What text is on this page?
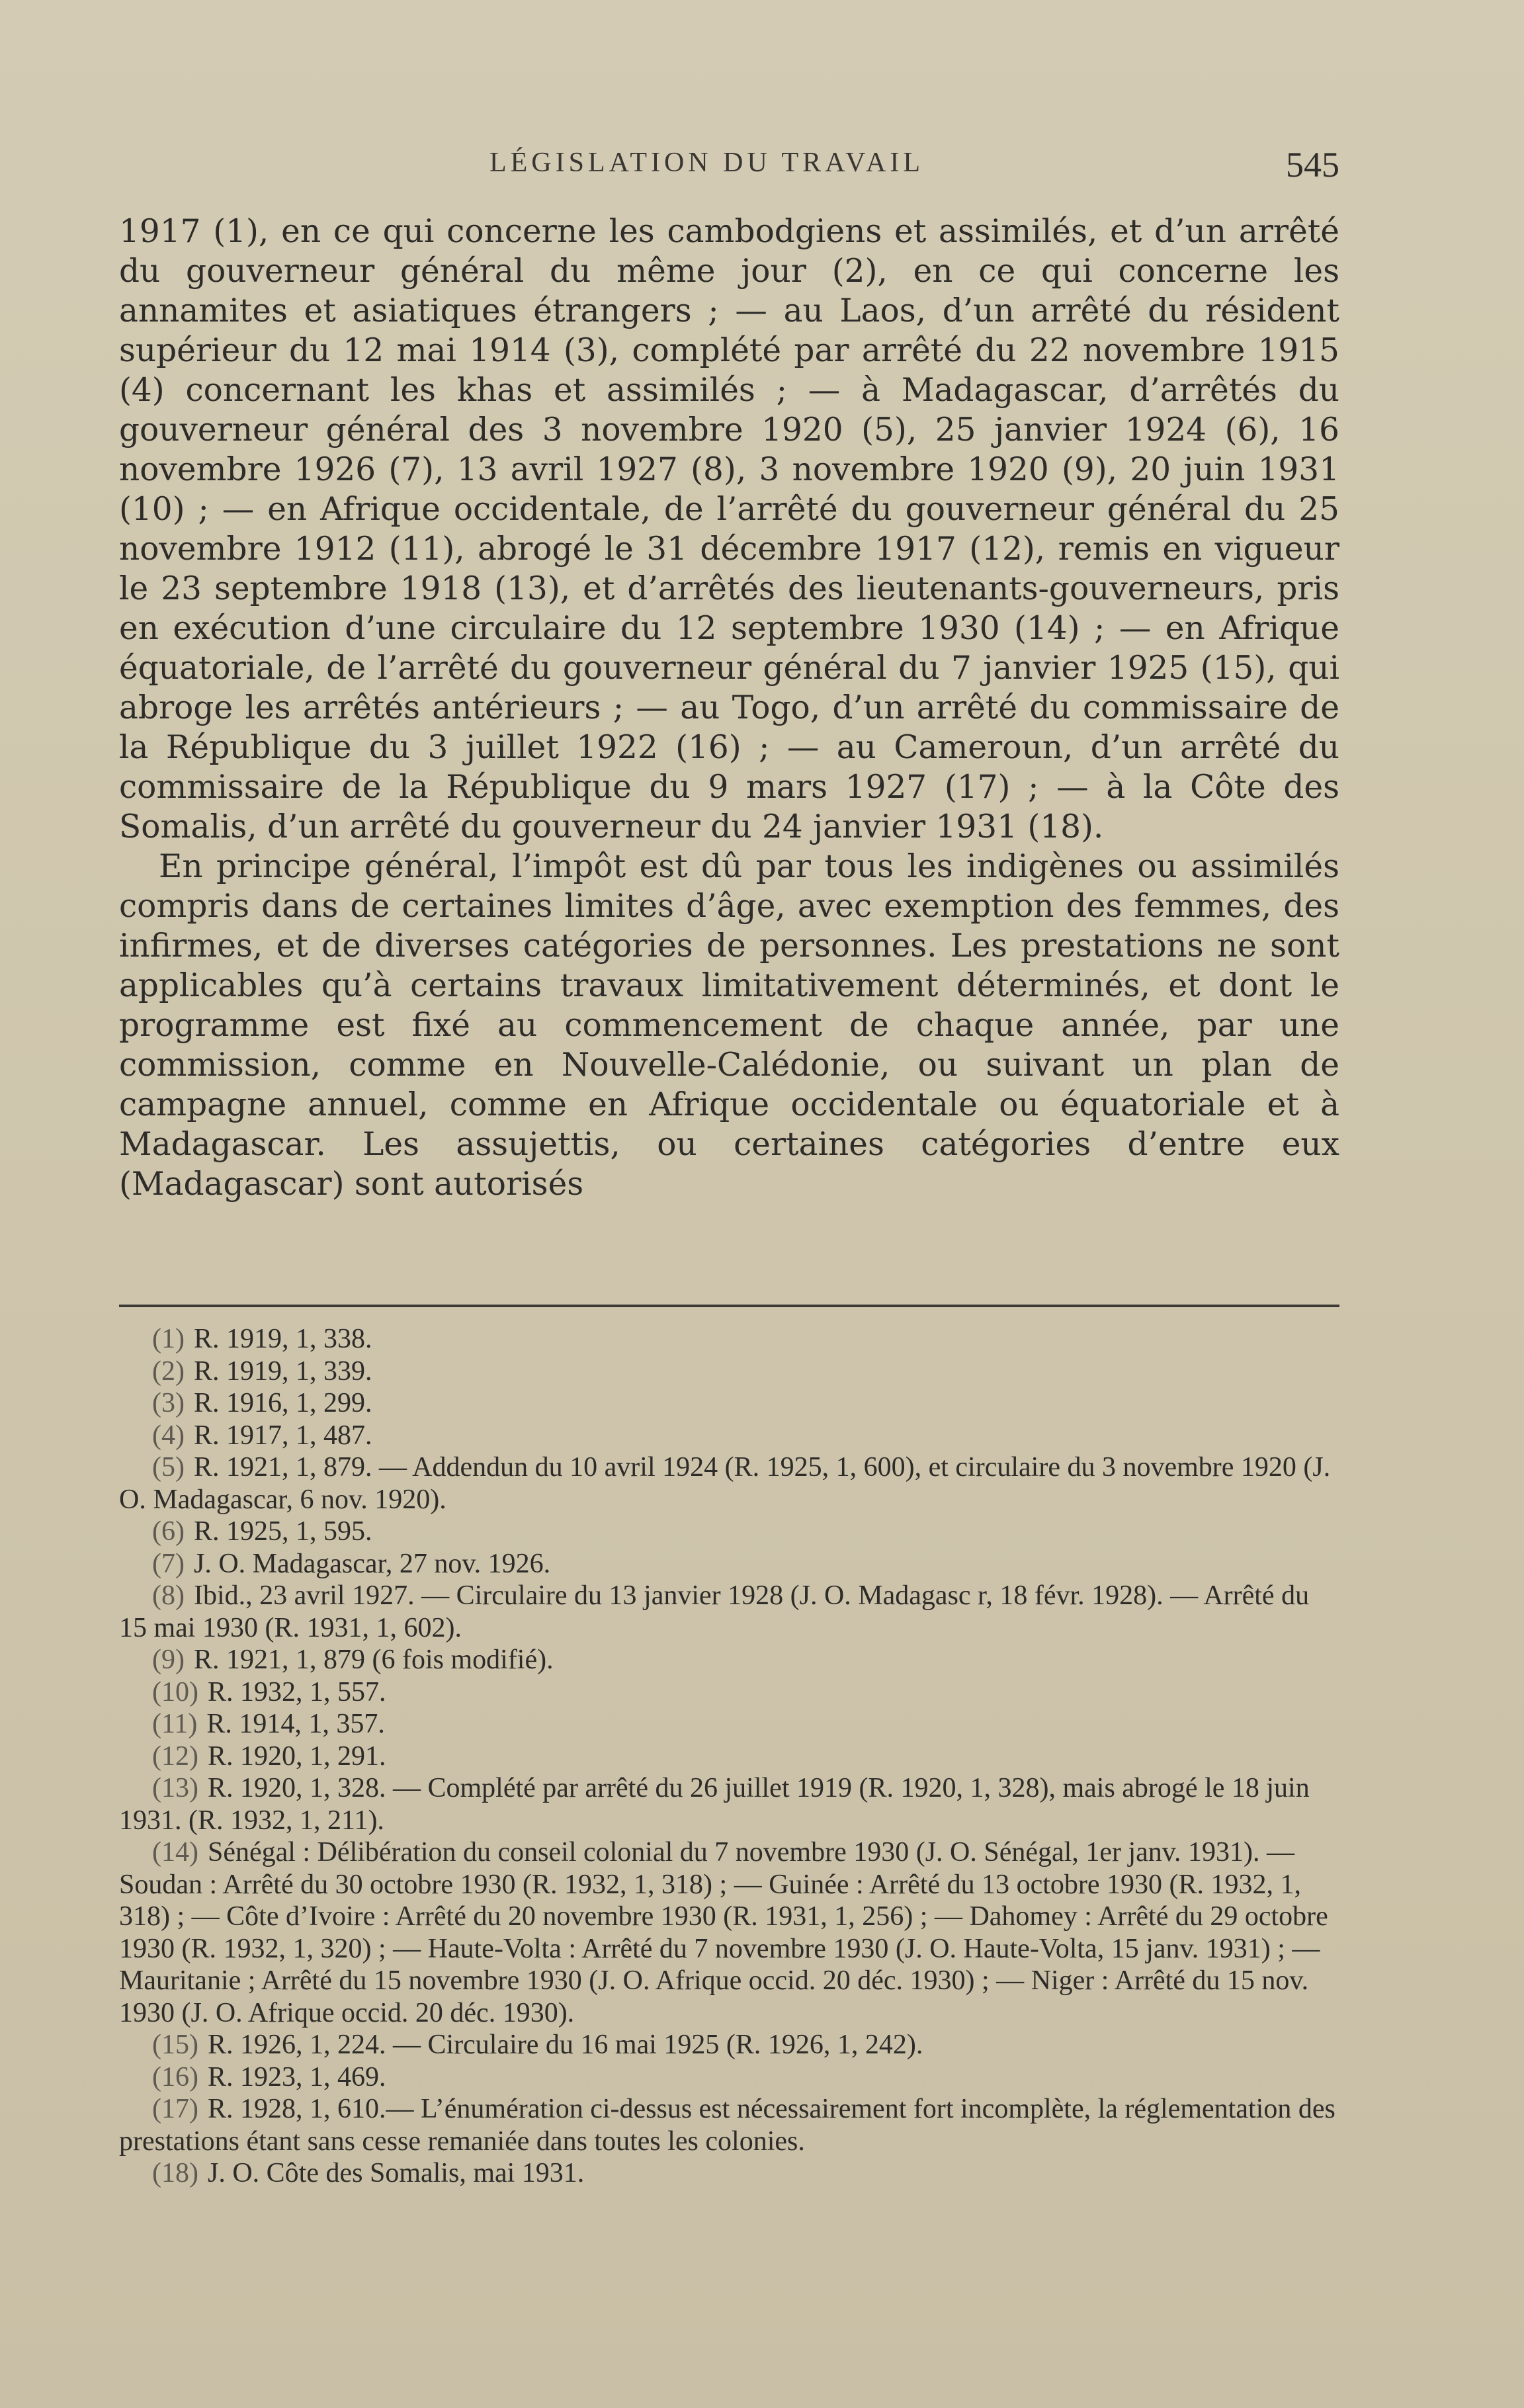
LÉGISLATION DU TRAVAIL	545

1917 (1), en ce qui concerne les cambodgiens et assimilés, et d’un arrêté du gouverneur général du même jour (2), en ce qui concerne les annamites et asiatiques étrangers ; — au Laos, d’un arrêté du résident supérieur du 12 mai 1914 (3), complété par arrêté du 22 novembre 1915 (4) concernant les khas et assimilés ; — à Madagascar, d’arrêtés du gouverneur général des 3 novembre 1920 (5), 25 janvier 1924 (6), 16 novembre 1926 (7), 13 avril 1927 (8), 3 novembre 1920 (9), 20 juin 1931 (10) ; — en Afrique occidentale, de l’arrêté du gouverneur général du 25 novembre 1912 (11), abrogé le 31 décembre 1917 (12), remis en vigueur le 23 septembre 1918 (13), et d’arrêtés des lieutenants-gouverneurs, pris en exécution d’une circulaire du 12 septembre 1930 (14) ; — en Afrique équatoriale, de l’arrêté du gouverneur général du 7 janvier 1925 (15), qui abroge les arrêtés antérieurs ; — au Togo, d’un arrêté du commissaire de la République du 3 juillet 1922 (16) ; — au Cameroun, d’un arrêté du commissaire de la République du 9 mars 1927 (17) ; — à la Côte des Somalis, d’un arrêté du gouverneur du 24 janvier 1931 (18).

En principe général, l’impôt est dû par tous les indigènes ou assimilés compris dans de certaines limites d’âge, avec exemption des femmes, des infirmes, et de diverses catégories de personnes. Les prestations ne sont applicables qu’à certains travaux limitativement déterminés, et dont le programme est fixé au commencement de chaque année, par une commission, comme en Nouvelle-Calédonie, ou suivant un plan de campagne annuel, comme en Afrique occidentale ou équatoriale et à Madagascar. Les assujettis, ou certaines catégories d’entre eux (Madagascar) sont autorisés

(1) R. 1919, 1, 338.

(2) R. 1919, 1, 339.

(3) R. 1916, 1, 299.

(4) R. 1917, 1, 487.

(5) R. 1921, 1, 879. — Addendun du 10 avril 1924 (R. 1925, 1, 600), et circulaire du 3 novembre 1920 (J. O. Madagascar, 6 nov. 1920).

(6) R. 1925, 1, 595.

(7) J. O. Madagascar, 27 nov. 1926.

(8) Ibid., 23 avril 1927. — Circulaire du 13 janvier 1928 (J. O. Madagasc r, 18 févr. 1928). — Arrêté du 15 mai 1930 (R. 1931, 1, 602).

(9) R. 1921, 1, 879 (6 fois modifié).

(10) R. 1932, 1, 557.

(11) R. 1914, 1, 357.

(12) R. 1920, 1, 291.

(13) R. 1920, 1, 328. — Complété par arrêté du 26 juillet 1919 (R. 1920, 1, 328), mais abrogé le 18 juin 1931. (R. 1932, 1, 211).

(14) Sénégal : Délibération du conseil colonial du 7 novembre 1930 (J. O. Sénégal, 1er janv. 1931). — Soudan : Arrêté du 30 octobre 1930 (R. 1932, 1, 318) ; — Guinée : Arrêté du 13 octobre 1930 (R. 1932, 1, 318) ; — Côte d’Ivoire : Arrêté du 20 novembre 1930 (R. 1931, 1, 256) ; — Dahomey : Arrêté du 29 octobre 1930 (R. 1932, 1, 320) ; — Haute-Volta : Arrêté du 7 novembre 1930 (J. O. Haute-Volta, 15 janv. 1931) ; — Mauritanie ; Arrêté du 15 novembre 1930 (J. O. Afrique occid. 20 déc. 1930) ; — Niger : Arrêté du 15 nov. 1930 (J. O. Afrique occid. 20 déc. 1930).

(15) R. 1926, 1, 224. — Circulaire du 16 mai 1925 (R. 1926, 1, 242).

(16) R. 1923, 1, 469.

(17) R. 1928, 1, 610.— L’énumération ci-dessus est nécessairement fort incomplète, la réglementation des prestations étant sans cesse remaniée dans toutes les colonies.

(18) J. O. Côte des Somalis, mai 1931.
